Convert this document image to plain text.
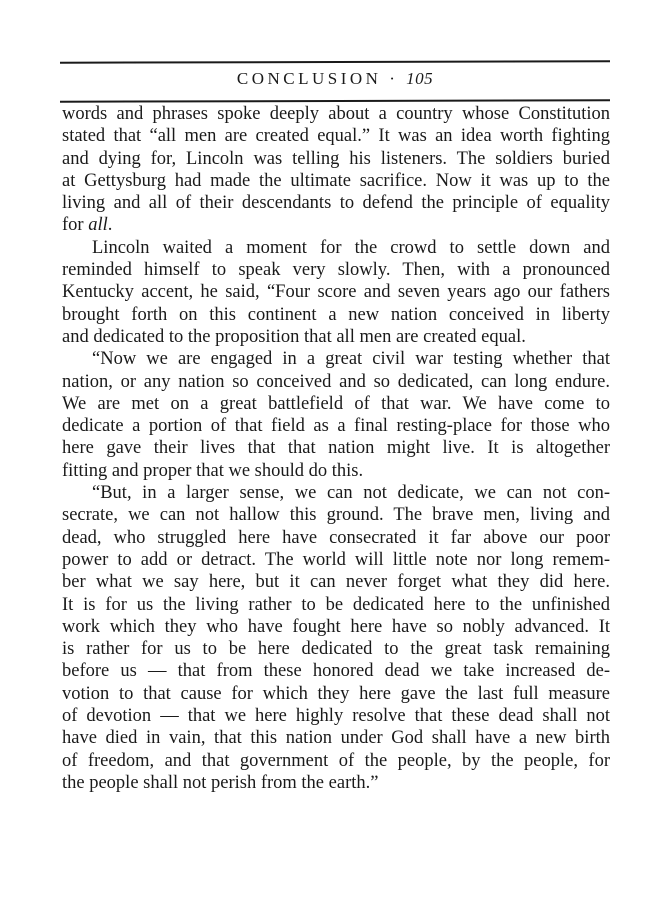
CONCLUSION · 105
words and phrases spoke deeply about a country whose Constitution
stated that “all men are created equal.” It was an idea worth fighting
and dying for, Lincoln was telling his listeners. The soldiers buried
at Gettysburg had made the ultimate sacrifice. Now it was up to the
living and all of their descendants to defend the principle of equality
for all.
Lincoln waited a moment for the crowd to settle down and
reminded himself to speak very slowly. Then, with a pronounced
Kentucky accent, he said, “Four score and seven years ago our fathers
brought forth on this continent a new nation conceived in liberty
and dedicated to the proposition that all men are created equal.
“Now we are engaged in a great civil war testing whether that
nation, or any nation so conceived and so dedicated, can long endure.
We are met on a great battlefield of that war. We have come to
dedicate a portion of that field as a final resting-place for those who
here gave their lives that that nation might live. It is altogether
fitting and proper that we should do this.
“But, in a larger sense, we can not dedicate, we can not con-
secrate, we can not hallow this ground. The brave men, living and
dead, who struggled here have consecrated it far above our poor
power to add or detract. The world will little note nor long remem-
ber what we say here, but it can never forget what they did here.
It is for us the living rather to be dedicated here to the unfinished
work which they who have fought here have so nobly advanced. It
is rather for us to be here dedicated to the great task remaining
before us — that from these honored dead we take increased de-
votion to that cause for which they here gave the last full measure
of devotion — that we here highly resolve that these dead shall not
have died in vain, that this nation under God shall have a new birth
of freedom, and that government of the people, by the people, for
the people shall not perish from the earth.”
